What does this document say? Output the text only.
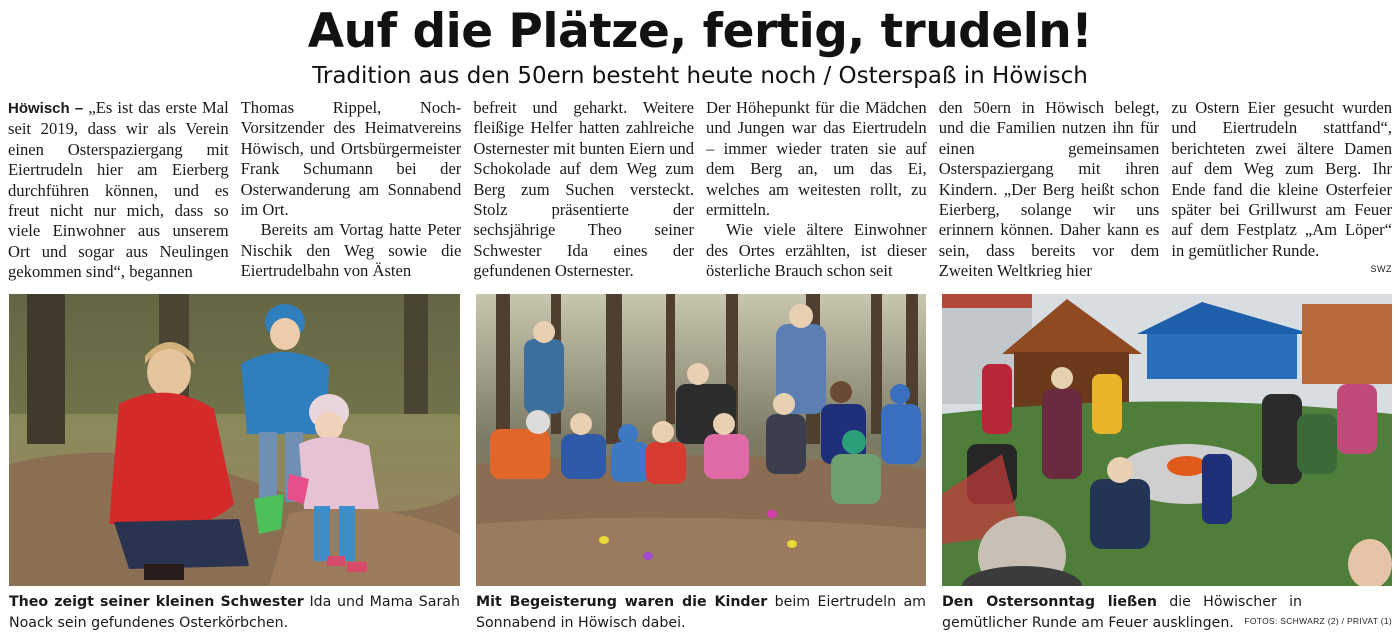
Auf die Plätze, fertig, trudeln!
Tradition aus den 50ern besteht heute noch / Osterspaß in Höwisch

Höwisch – „Es ist das erste Mal seit 2019, dass wir als Verein einen Osterspaziergang mit Eiertrudeln hier am Eierberg durchführen können, und es freut nicht nur mich, dass so viele Einwohner aus unserem Ort und sogar aus Neulingen gekommen sind“, begannen

Thomas Rippel, Noch-Vorsitzender des Heimatvereins Höwisch, und Ortsbürgermeister Frank Schumann bei der Osterwanderung am Sonnabend im Ort.

Bereits am Vortag hatte Peter Nischik den Weg sowie die Eiertrudelbahn von Ästen

befreit und geharkt. Weitere fleißige Helfer hatten zahlreiche Osternester mit bunten Eiern und Schokolade auf dem Weg zum Berg zum Suchen versteckt. Stolz präsentierte der sechsjährige Theo seiner Schwester Ida eines der gefundenen Osternester.

Der Höhepunkt für die Mädchen und Jungen war das Eiertrudeln – immer wieder traten sie auf dem Berg an, um das Ei, welches am weitesten rollt, zu ermitteln.

Wie viele ältere Einwohner des Ortes erzählten, ist dieser österliche Brauch schon seit

den 50ern in Höwisch belegt, und die Familien nutzen ihn für einen gemeinsamen Osterspaziergang mit ihren Kindern. „Der Berg heißt schon Eierberg, solange wir uns erinnern können. Daher kann es sein, dass bereits vor dem Zweiten Weltkrieg hier

zu Ostern Eier gesucht wurden und Eiertrudeln stattfand“, berichteten zwei ältere Damen auf dem Weg zum Berg. Ihr Ende fand die kleine Osterfeier später bei Grillwurst am Feuer auf dem Festplatz „Am Löper“ in gemütlicher Runde.

SWZ
Theo zeigt seiner kleinen Schwester Ida und Mama Sarah Noack sein gefundenes Osterkörbchen.
Mit Begeisterung waren die Kinder beim Eiertrudeln am Sonnabend in Höwisch dabei.
Den Ostersonntag ließen die Höwischer in gemütlicher Runde am Feuer ausklingen.	FOTOS: SCHWARZ (2) / PRIVAT (1)
